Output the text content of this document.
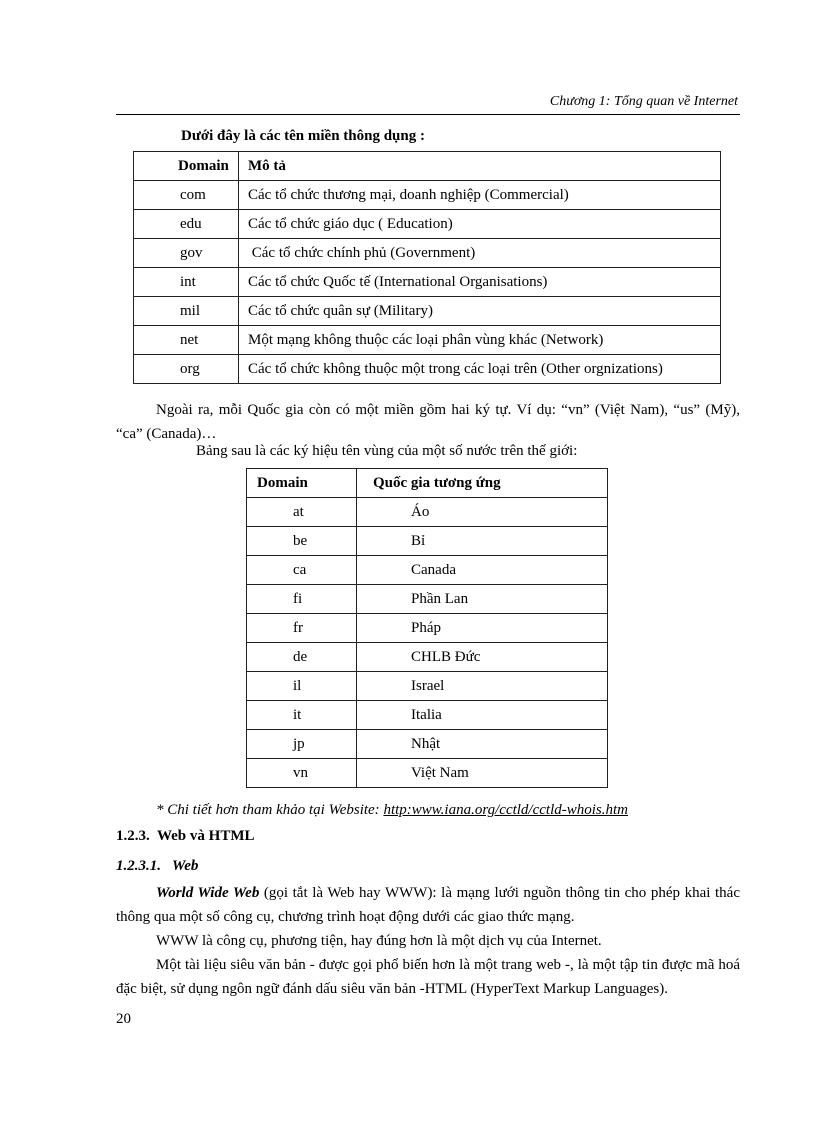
Chương 1: Tổng quan về Internet
Dưới đây là các tên miền thông dụng :
Domain	Mô tả
com	Các tổ chức thương mại, doanh nghiệp (Commercial)
edu	Các tổ chức giáo dục ( Education)
gov	Các tổ chức chính phủ (Government)
int	Các tổ chức Quốc tế (International Organisations)
mil	Các tổ chức quân sự (Military)
net	Một mạng không thuộc các loại phân vùng khác (Network)
org	Các tổ chức không thuộc một trong các loại trên (Other orgnizations)
Ngoài ra, mỗi Quốc gia còn có một miền gồm hai ký tự. Ví dụ: “vn” (Việt Nam), “us” (Mỹ), “ca” (Canada)…
Bảng sau là các ký hiệu tên vùng của một số nước trên thế giới:
Domain	Quốc gia tương ứng
at	Áo
be	Bỉ
ca	Canada
fi	Phần Lan
fr	Pháp
de	CHLB Đức
il	Israel
it	Italia
jp	Nhật
vn	Việt Nam
* Chi tiết hơn tham khảo tại Website: http:www.iana.org/cctld/cctld-whois.htm
1.2.3.  Web và HTML
1.2.3.1.   Web
World Wide Web (gọi tắt là Web hay WWW): là mạng lưới nguồn thông tin cho phép khai thác thông qua một số công cụ, chương trình hoạt động dưới các giao thức mạng.
WWW là công cụ, phương tiện, hay đúng hơn là một dịch vụ của Internet.
Một tài liệu siêu văn bản - được gọi phổ biến hơn là một trang web -, là một tập tin được mã hoá đặc biệt, sử dụng ngôn ngữ đánh dấu siêu văn bản -HTML (HyperText Markup Languages).
20
